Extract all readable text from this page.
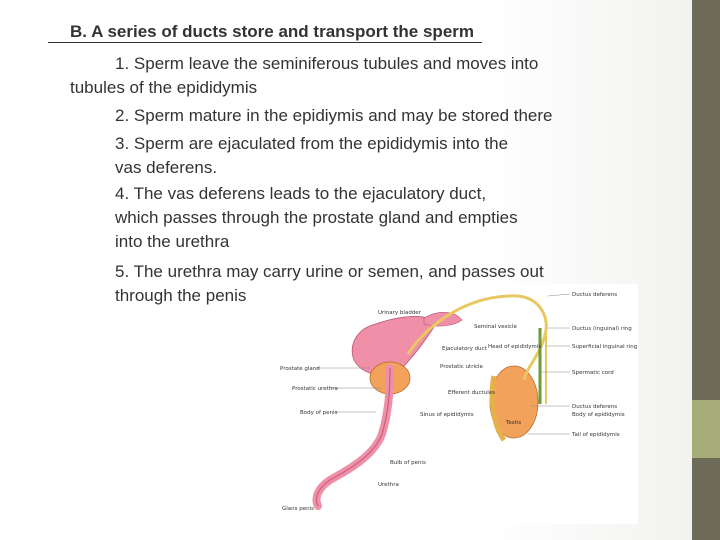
B. A series of ducts store and transport the sperm
1. Sperm leave the seminiferous tubules and moves into
tubules of the epididymis
2. Sperm mature in the epidiymis and may be stored there
3. Sperm are ejaculated from the epididymis into the
vas deferens.
4. The vas deferens leads to the ejaculatory duct,
which passes through the prostate gland and empties
into the urethra
5. The urethra may carry urine or semen, and passes out
through the penis	Ductus deferens
Urinary bladder
Seminal vesicle	Ductus (inguinal) ring
Superficial inguinal ring
Ejaculatory duct Head of epididymis
Prostate gland	Prostatic utricle
Spermatic cord
Prostatic urethra
Efferent ductules
Ductus deferens
Body of epididymis
Body of penis	Sinus of epididymis
Testis
Tail of epididymis
Bulb of penis
Urethra
Glans penis
